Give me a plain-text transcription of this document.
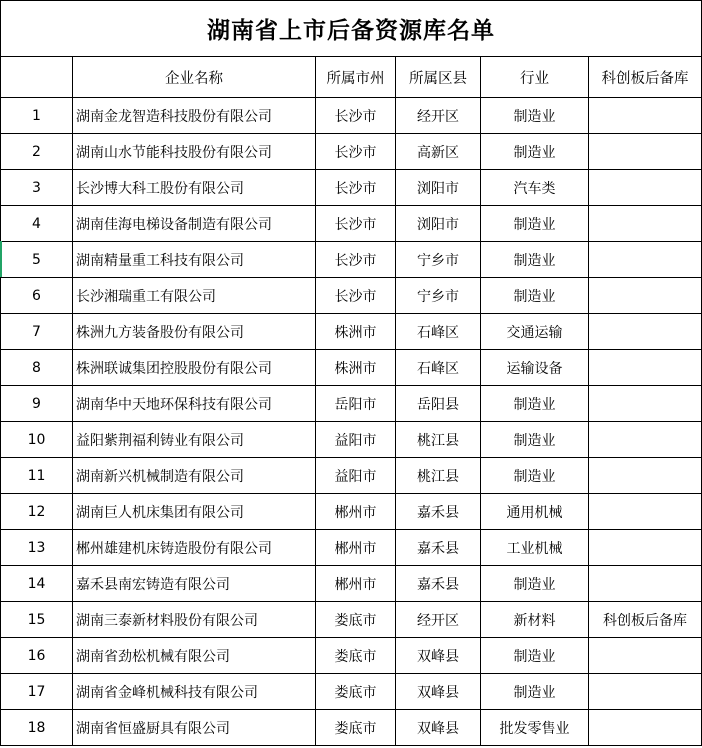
湖南省上市后备资源库名单
	企业名称	所属市州	所属区县	行业	科创板后备库
1	湖南金龙智造科技股份有限公司	长沙市	经开区	制造业	
2	湖南山水节能科技股份有限公司	长沙市	高新区	制造业	
3	长沙博大科工股份有限公司	长沙市	浏阳市	汽车类	
4	湖南佳海电梯设备制造有限公司	长沙市	浏阳市	制造业	
5	湖南精量重工科技有限公司	长沙市	宁乡市	制造业	
6	长沙湘瑞重工有限公司	长沙市	宁乡市	制造业	
7	株洲九方装备股份有限公司	株洲市	石峰区	交通运输	
8	株洲联诚集团控股股份有限公司	株洲市	石峰区	运输设备	
9	湖南华中天地环保科技有限公司	岳阳市	岳阳县	制造业	
10	益阳紫荆福利铸业有限公司	益阳市	桃江县	制造业	
11	湖南新兴机械制造有限公司	益阳市	桃江县	制造业	
12	湖南巨人机床集团有限公司	郴州市	嘉禾县	通用机械	
13	郴州雄建机床铸造股份有限公司	郴州市	嘉禾县	工业机械	
14	嘉禾县南宏铸造有限公司	郴州市	嘉禾县	制造业	
15	湖南三泰新材料股份有限公司	娄底市	经开区	新材料	科创板后备库
16	湖南省劲松机械有限公司	娄底市	双峰县	制造业	
17	湖南省金峰机械科技有限公司	娄底市	双峰县	制造业	
18	湖南省恒盛厨具有限公司	娄底市	双峰县	批发零售业	
